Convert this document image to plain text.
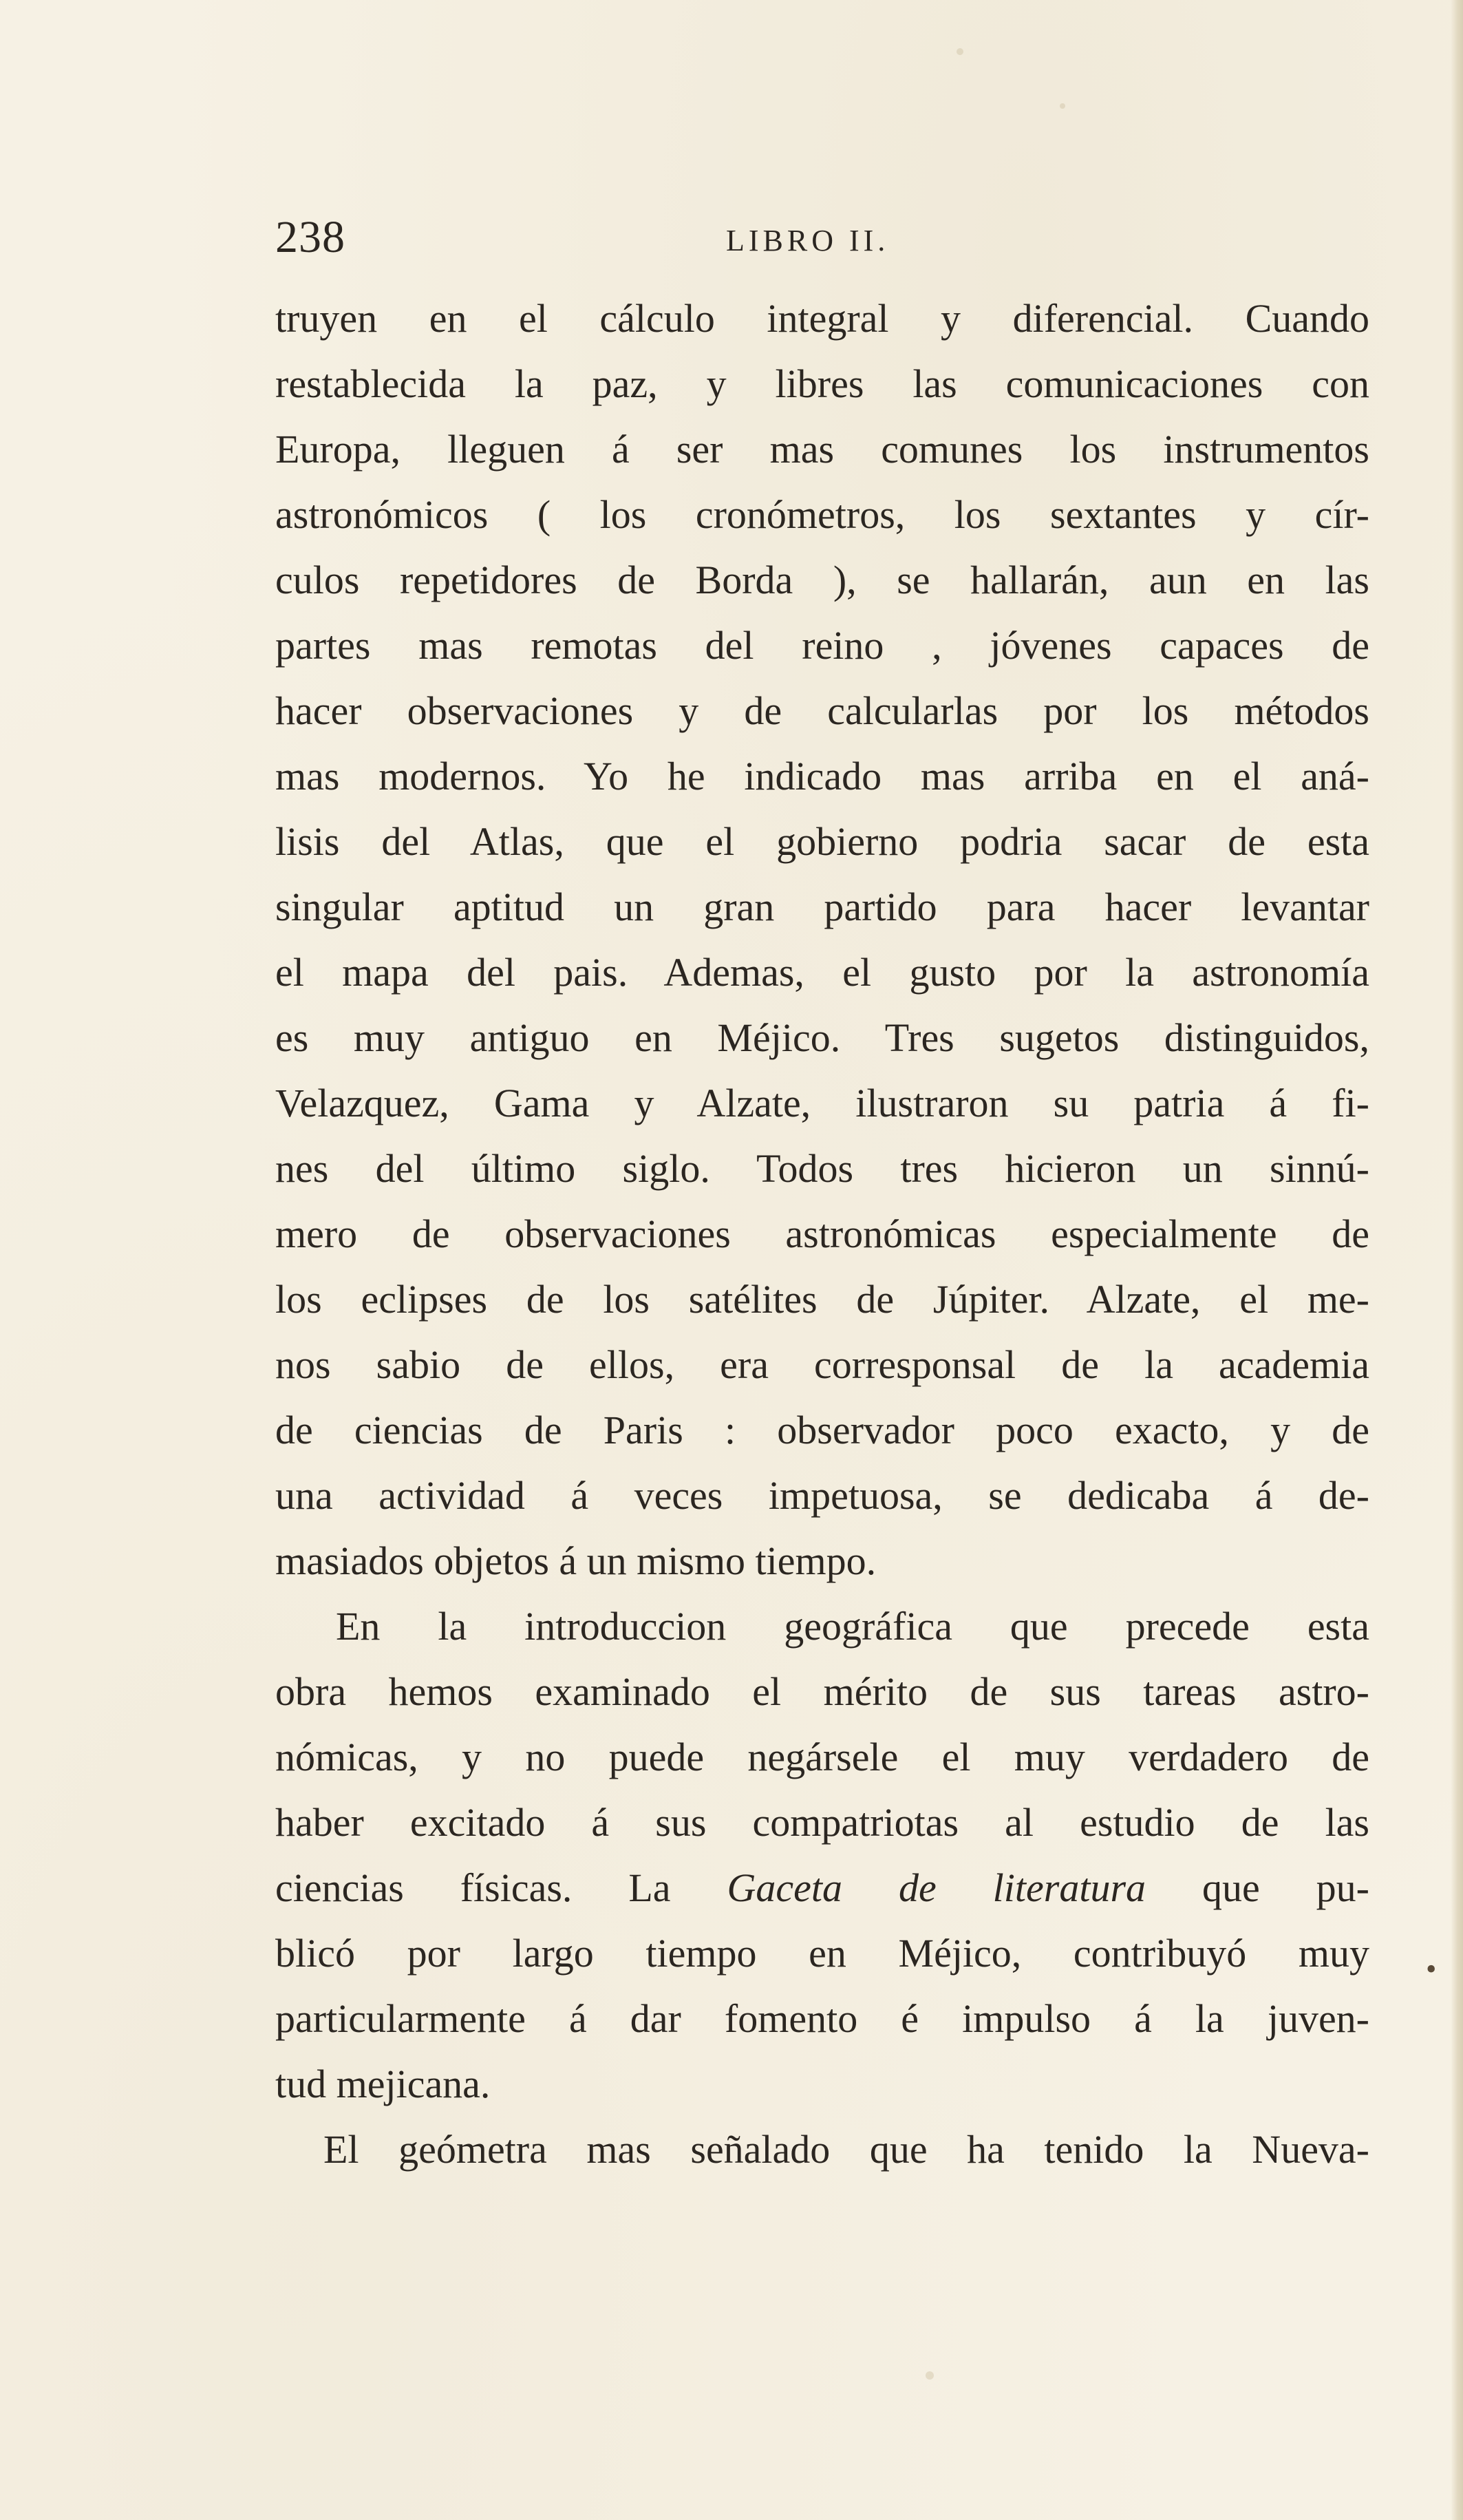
•
238	LIBRO II.
truyen en el cálculo integral y diferencial. Cuando
restablecida la paz, y libres las comunicaciones con
Europa, lleguen á ser mas comunes los instrumentos
astronómicos ( los cronómetros, los sextantes y cír-
culos repetidores de Borda ), se hallarán, aun en las
partes mas remotas del reino , jóvenes capaces de
hacer observaciones y de calcularlas por los métodos
mas modernos. Yo he indicado mas arriba en el aná-
lisis del Atlas, que el gobierno podria sacar de esta
singular aptitud un gran partido para hacer levantar
el mapa del pais. Ademas, el gusto por la astronomía
es muy antiguo en Méjico. Tres sugetos distinguidos,
Velazquez, Gama y Alzate, ilustraron su patria á fi-
nes del último siglo. Todos tres hicieron un sinnú-
mero de observaciones astronómicas especialmente de
los eclipses de los satélites de Júpiter. Alzate, el me-
nos sabio de ellos, era corresponsal de la academia
de ciencias de Paris : observador poco exacto, y de
una actividad á veces impetuosa, se dedicaba á de-
masiados objetos á un mismo tiempo.
En la introduccion geográfica que precede esta
obra hemos examinado el mérito de sus tareas astro-
nómicas, y no puede negársele el muy verdadero de
haber excitado á sus compatriotas al estudio de las
ciencias físicas. La Gaceta de literatura que pu-
blicó por largo tiempo en Méjico, contribuyó muy
particularmente á dar fomento é impulso á la juven-
tud mejicana.
El geómetra mas señalado que ha tenido la Nueva-
